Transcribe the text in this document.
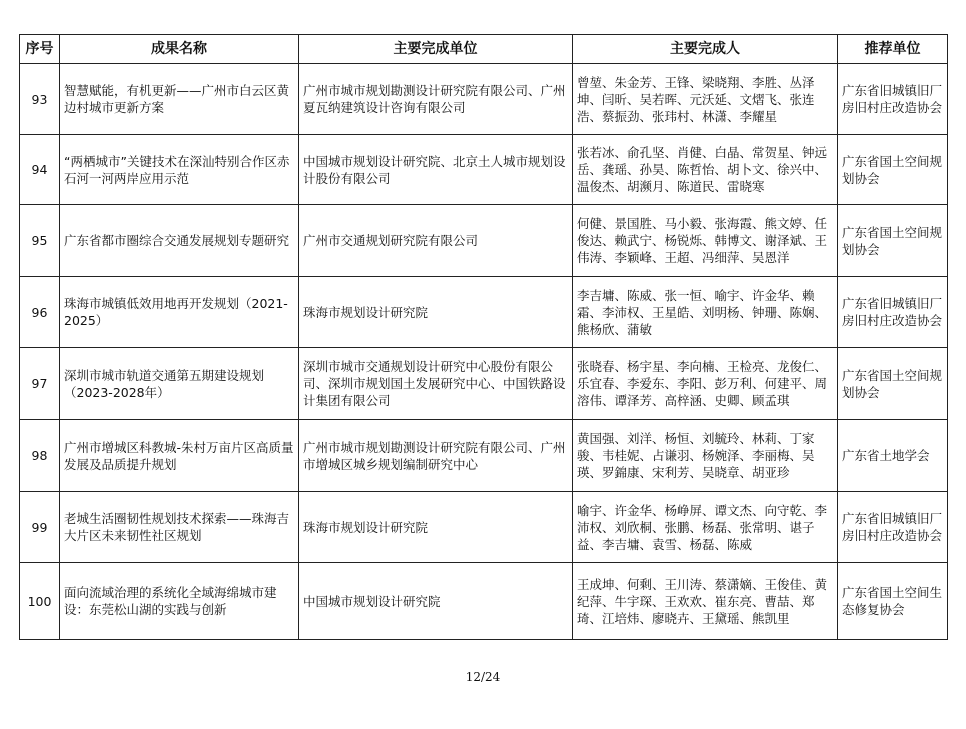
序号	成果名称	主要完成单位	主要完成人	推荐单位
93	智慧赋能，有机更新——广州市白云区黄边村城市更新方案	广州市城市规划勘测设计研究院有限公司、广州夏瓦纳建筑设计咨询有限公司	曾堃、朱金芳、王锋、梁晓翔、李胜、丛泽坤、闫昕、吴若晖、元沃延、文熠飞、张连浩、蔡振劲、张玮村、林潇、李耀星	广东省旧城镇旧厂房旧村庄改造协会
94	“两栖城市”关键技术在深汕特别合作区赤石河一河两岸应用示范	中国城市规划设计研究院、北京土人城市规划设计股份有限公司	张若冰、俞孔坚、肖健、白晶、常贺星、钟远岳、龚瑶、孙昊、陈哲怡、胡卜文、徐兴中、温俊杰、胡濒月、陈道民、雷晓寒	广东省国土空间规划协会
95	广东省都市圈综合交通发展规划专题研究	广州市交通规划研究院有限公司	何健、景国胜、马小毅、张海霞、熊文婷、任俊达、赖武宁、杨锐烁、韩博文、谢泽斌、王伟涛、李颖峰、王超、冯细萍、吴恩洋	广东省国土空间规划协会
96	珠海市城镇低效用地再开发规划（2021-2025）	珠海市规划设计研究院	李吉墉、陈威、张一恒、喻宇、许金华、赖霜、李沛权、王星皓、刘明杨、钟珊、陈娴、熊杨欣、蒲敏	广东省旧城镇旧厂房旧村庄改造协会
97	深圳市城市轨道交通第五期建设规划（2023-2028年）	深圳市城市交通规划设计研究中心股份有限公司、深圳市规划国土发展研究中心、中国铁路设计集团有限公司	张晓春、杨宇星、李向楠、王检亮、龙俊仁、乐宜春、李爱东、李阳、彭万利、何建平、周溶伟、谭泽芳、高梓涵、史卿、顾孟琪	广东省国土空间规划协会
98	广州市增城区科教城-朱村万亩片区高质量发展及品质提升规划	广州市城市规划勘测设计研究院有限公司、广州市增城区城乡规划编制研究中心	黄国强、刘洋、杨恒、刘毓玲、林莉、丁家骏、韦桂妮、占谦羽、杨婉泽、李丽梅、吴瑛、罗錦康、宋利芳、吴晓章、胡亚珍	广东省土地学会
99	老城生活圈韧性规划技术探索——珠海吉大片区未来韧性社区规划	珠海市规划设计研究院	喻宇、许金华、杨峥屏、谭文杰、向守乾、李沛权、刘欣桐、张鹏、杨磊、张常明、谌子益、李吉墉、袁雪、杨磊、陈威	广东省旧城镇旧厂房旧村庄改造协会
100	面向流域治理的系统化全域海绵城市建设：东莞松山湖的实践与创新	中国城市规划设计研究院	王成坤、何剩、王川涛、蔡潇嫡、王俊佳、黄纪萍、牛宇琛、王欢欢、崔东亮、曹喆、郑琦、江培炜、廖晓卉、王黛瑶、熊凯里	广东省国土空间生态修复协会
12/24
